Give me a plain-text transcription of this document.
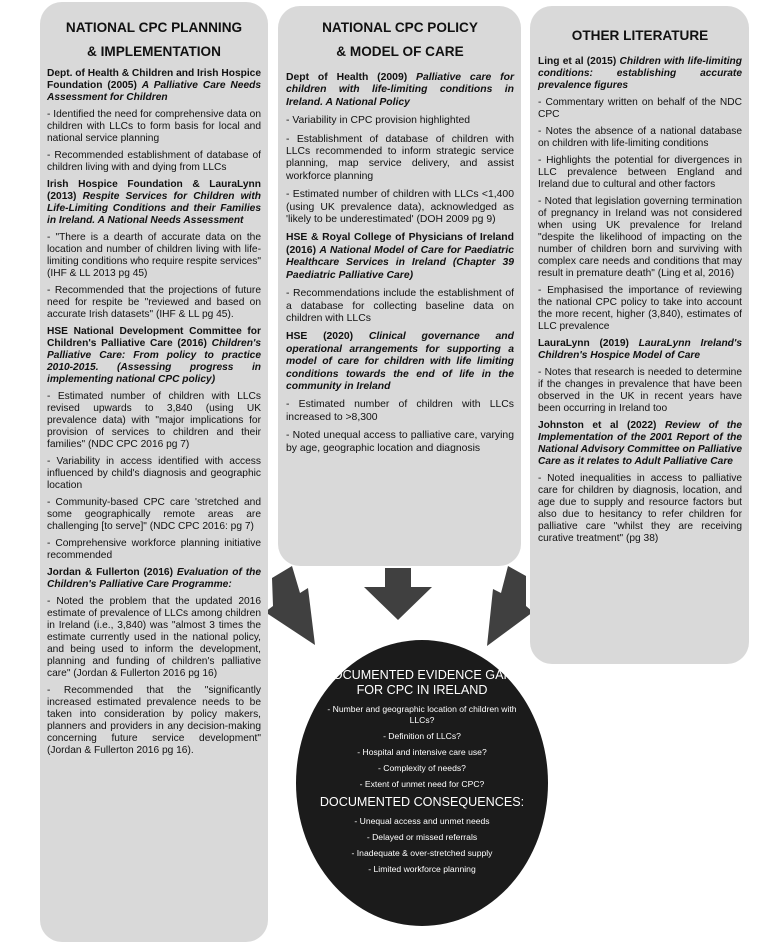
NATIONAL CPC PLANNING
& IMPLEMENTATION
Dept. of Health & Children and Irish Hospice Foundation (2005) A Palliative Care Needs Assessment for Children
- Identified the need for comprehensive data on children with LLCs to form basis for local and national service planning
- Recommended establishment of database of children living with and dying from LLCs
Irish Hospice Foundation & LauraLynn (2013) Respite Services for Children with Life-Limiting Conditions and their Families in Ireland. A National Needs Assessment
- "There is a dearth of accurate data on the location and number of children living with life-limiting conditions who require respite services" (IHF & LL 2013 pg 45)
- Recommended that the projections of future need for respite be "reviewed and based on accurate Irish datasets" (IHF & LL pg 45).
HSE National Development Committee for Children's Palliative Care (2016) Children's Palliative Care: From policy to practice 2010-2015. (Assessing progress in implementing national CPC policy)
- Estimated number of children with LLCs revised upwards to 3,840 (using UK prevalence data) with "major implications for provision of services to children and their families" (NDC CPC 2016 pg 7)
- Variability in access identified with access influenced by child's diagnosis and geographic location
- Community-based CPC care 'stretched and some geographically remote areas are challenging [to serve]" (NDC CPC 2016: pg 7)
- Comprehensive workforce planning initiative recommended
Jordan & Fullerton (2016) Evaluation of the Children's Palliative Care Programme:
- Noted the problem that the updated 2016 estimate of prevalence of LLCs among children in Ireland (i.e., 3,840) was "almost 3 times the estimate currently used in the national policy, and being used to inform the development, planning and funding of children's palliative care" (Jordan & Fullerton 2016 pg 16)
- Recommended that the "significantly increased estimated prevalence needs to be taken into consideration by policy makers, planners and providers in any decision-making concerning future service development" (Jordan & Fullerton 2016 pg 16).
NATIONAL CPC POLICY
& MODEL OF CARE
Dept of Health (2009) Palliative care for children with life-limiting conditions in Ireland. A National Policy
- Variability in CPC provision highlighted
- Establishment of database of children with LLCs recommended to inform strategic service planning, map service delivery, and assist workforce planning
- Estimated number of children with LLCs <1,400 (using UK prevalence data), acknowledged as 'likely to be underestimated' (DOH 2009 pg 9)
HSE & Royal College of Physicians of Ireland (2016) A National Model of Care for Paediatric Healthcare Services in Ireland (Chapter 39 Paediatric Palliative Care)
- Recommendations include the establishment of a database for collecting baseline data on children with LLCs
HSE (2020) Clinical governance and operational arrangements for supporting a model of care for children with life limiting conditions towards the end of life in the community in Ireland
- Estimated number of children with LLCs increased to >8,300
- Noted unequal access to palliative care, varying by age, geographic location and diagnosis
OTHER LITERATURE
Ling et al (2015) Children with life-limiting conditions: establishing accurate prevalence figures
- Commentary written on behalf of the NDC CPC
- Notes the absence of a national database on children with life-limiting conditions
- Highlights the potential for divergences in LLC prevalence between England and Ireland due to cultural and other factors
- Noted that legislation governing termination of pregnancy in Ireland was not considered when using UK prevalence for Ireland "despite the likelihood of impacting on the number of children born and surviving with complex care needs and conditions that may result in premature death" (Ling et al, 2016)
- Emphasised the importance of reviewing the national CPC policy to take into account the more recent, higher (3,840), estimates of LLC prevalence
LauraLynn (2019) LauraLynn Ireland's Children's Hospice Model of Care
- Notes that research is needed to determine if the changes in prevalence that have been observed in the UK in recent years have been occurring in Ireland too
Johnston et al (2022) Review of the Implementation of the 2001 Report of the National Advisory Committee on Palliative Care as it relates to Adult Palliative Care
- Noted inequalities in access to palliative care for children by diagnosis, location, and age due to supply and resource factors but also due to hesitancy to refer children for palliative care "whilst they are receiving curative treatment" (pg 38)
DOCUMENTED EVIDENCE GAPS
FOR CPC IN IRELAND
- Number and geographic location of children with LLCs?
- Definition of LLCs?
- Hospital and intensive care use?
- Complexity of needs?
- Extent of unmet need for CPC?
DOCUMENTED CONSEQUENCES:
- Unequal access and unmet needs
- Delayed or missed referrals
- Inadequate & over-stretched supply
- Limited workforce planning
